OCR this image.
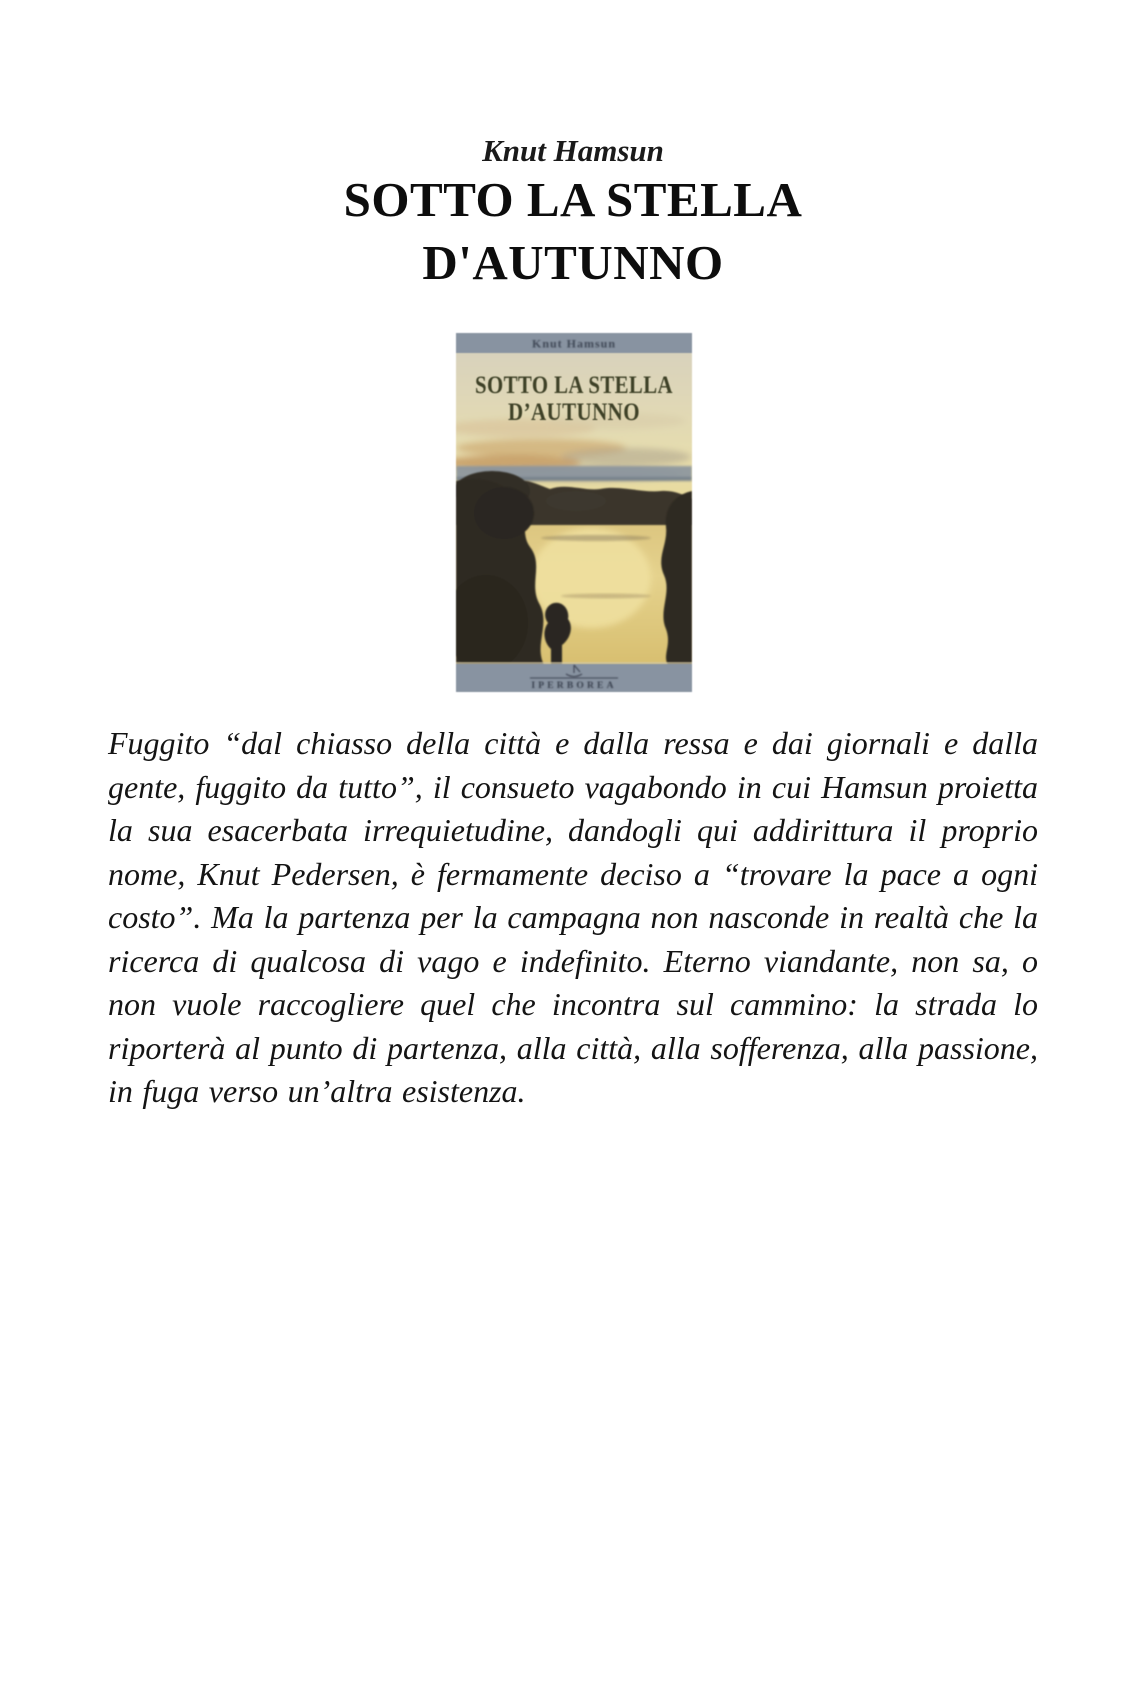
Knut Hamsun
SOTTO LA STELLA
D'AUTUNNO
SOTTO LA STELLA
D’AUTUNNO
Knut Hamsun
IPERBOREA

Fuggito “dal chiasso della città e dalla ressa e dai giornali e dalla gente, fuggito da tutto”, il consueto vagabondo in cui Hamsun proietta la sua esacerbata irrequietudine, dandogli qui addirittura il proprio nome, Knut Pedersen, è fermamente deciso a “trovare la pace a ogni costo”. Ma la partenza per la campagna non nasconde in realtà che la ricerca di qualcosa di vago e indefinito. Eterno viandante, non sa, o non vuole raccogliere quel che incontra sul cammino: la strada lo riporterà al punto di partenza, alla città, alla sofferenza, alla passione, in fuga verso un’altra esistenza.
